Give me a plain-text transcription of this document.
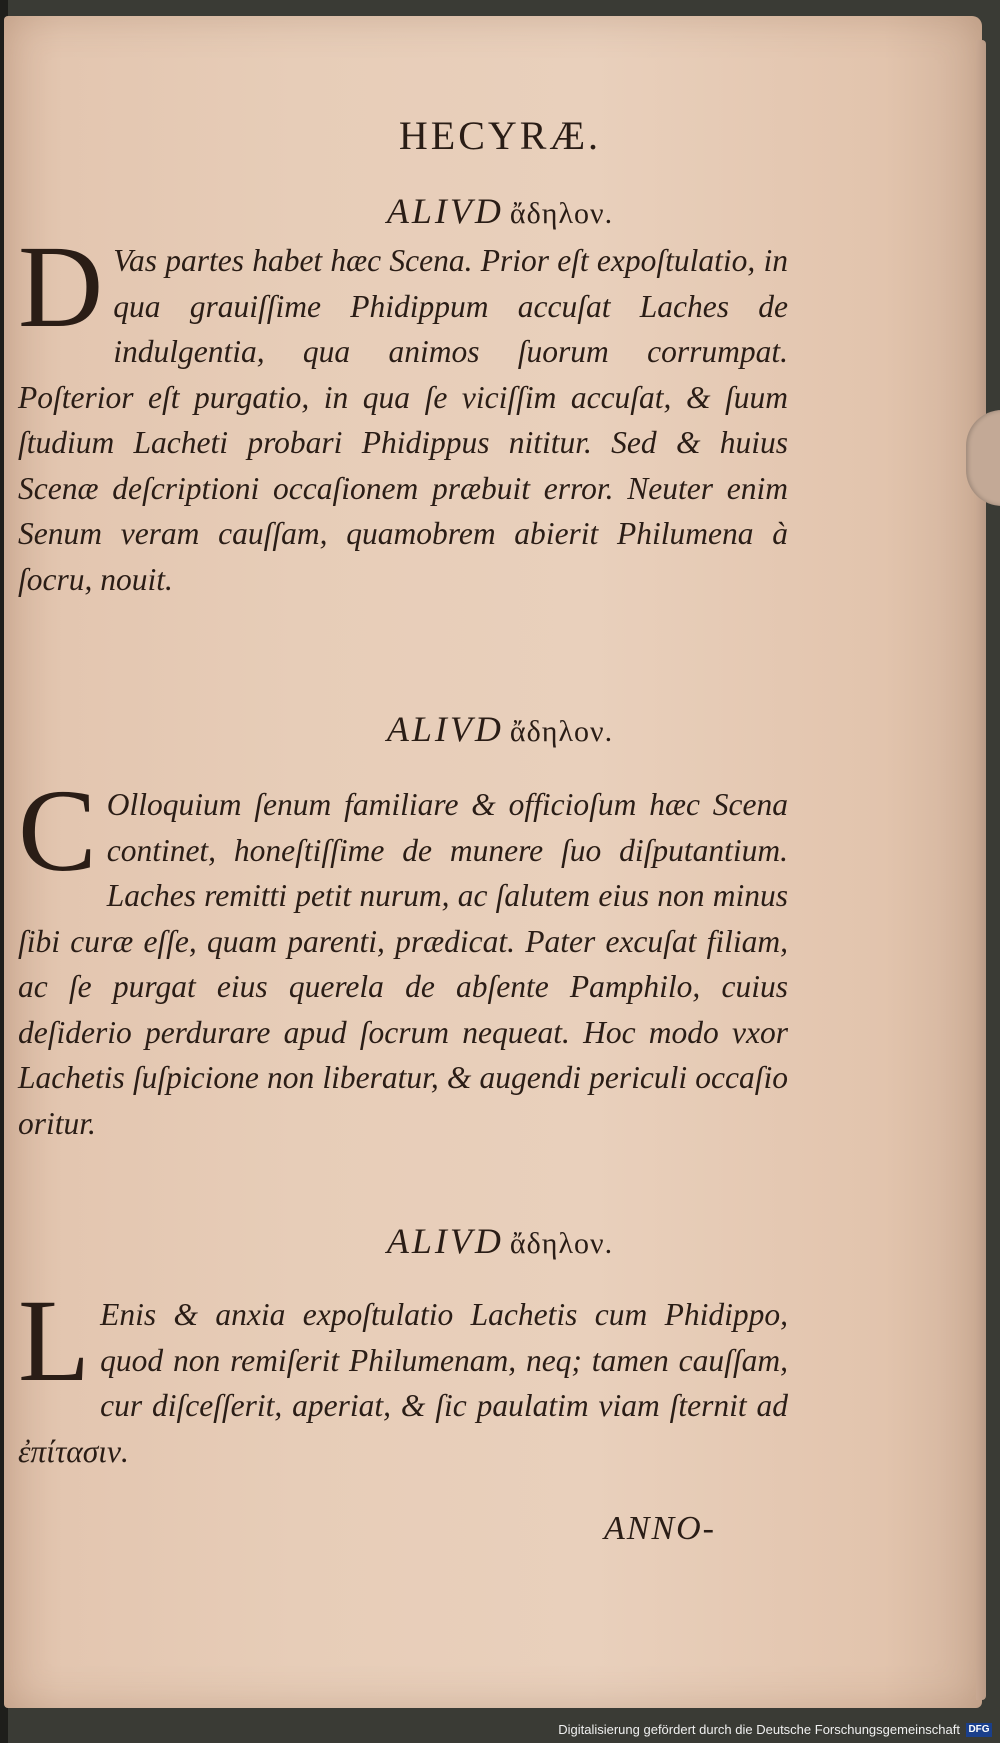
HECYRÆ.
ALIVD ἄδηλον.
D Vas partes habet hæc Scena. Prior eſt expoſtulatio, in qua grauiſſime Phidippum accuſat Laches de indulgentia, qua animos ſuorum corrumpat. Poſterior eſt purgatio, in qua ſe viciſſim accuſat, & ſuum ſtudium Lacheti probari Phidippus nititur. Sed & huius Scenæ deſcriptioni occaſionem præbuit error. Neuter enim Senum veram cauſſam, quamobrem abierit Philumena à ſocru, nouit.
ALIVD ἄδηλον.
C Olloquium ſenum familiare & officioſum hæc Scena continet, honeſtiſſime de munere ſuo diſputantium. Laches remitti petit nurum, ac ſalutem eius non minus ſibi curæ eſſe, quam parenti, prædicat. Pater excuſat filiam, ac ſe purgat eius querela de abſente Pamphilo, cuius deſiderio perdurare apud ſocrum nequeat. Hoc modo vxor Lachetis ſuſpicione non liberatur, & augendi periculi occaſio oritur.
ALIVD ἄδηλον.
L Enis & anxia expoſtulatio Lachetis cum Phidippo, quod non remiſerit Philumenam, neq; tamen cauſſam, cur diſceſſerit, aperiat, & ſic paulatim viam ſternit ad ἐπίτασιν.
ANNO-
Digitalisierung gefördert durch die Deutsche Forschungsgemeinschaft DFG
